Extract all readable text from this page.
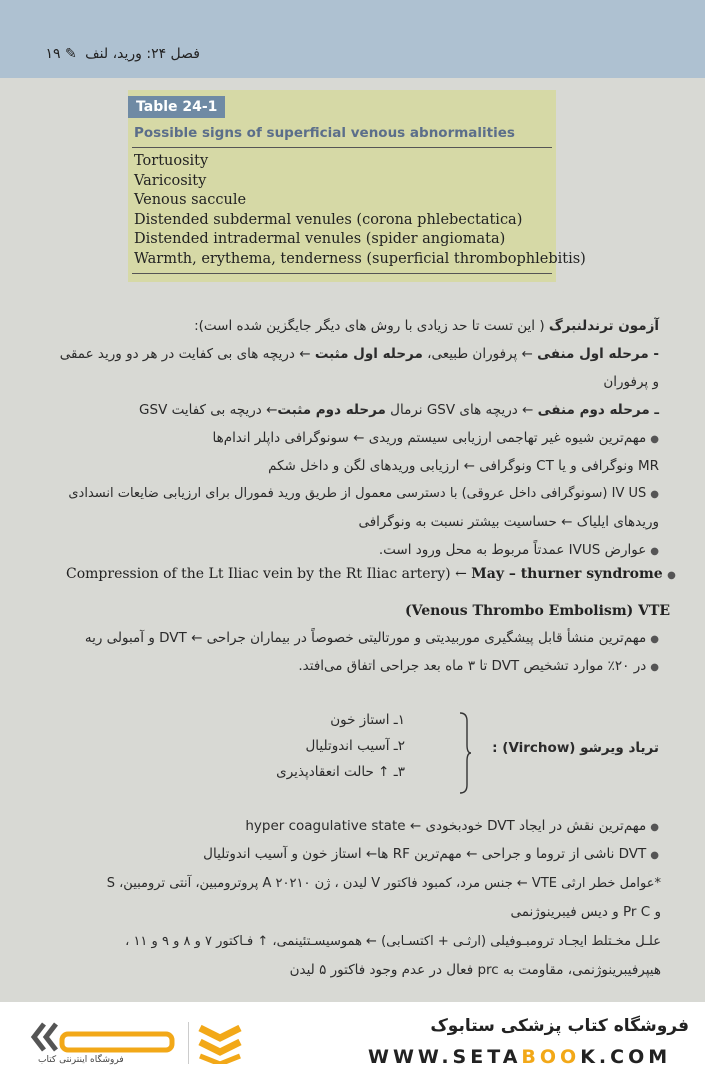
فصل ۲۴: ورید، لنف ✎ ۱۹
Table 24-1
Possible signs of superficial venous abnormalities
Tortuosity
Varicosity
Venous saccule
Distended subdermal venules (corona phlebectatica)
Distended intradermal venules (spider angiomata)
Warmth, erythema, tenderness (superficial thrombophlebitis)
آزمون ترندلنبرگ ( این تست تا حد زیادی با روش های دیگر جایگزین شده است):
- مرحله اول منفی ← پرفوران طبیعی، مرحله اول مثبت ← دریچه های بی کفایت در هر دو ورید عمقی
و پرفوران
ـ مرحله دوم منفی ← دریچه های GSV نرمال مرحله دوم مثبت← دریچه بی کفایت GSV
● مهم‌ترین شیوه غیر تهاجمی ارزیابی سیستم وریدی ← سونوگرافی داپلر اندام‌ها
MR ونوگرافی و یا CT ونوگرافی ← ارزیابی وریدهای لگن و داخل شکم
● IV US (سونوگرافی داخل عروقی) با دسترسی معمول از طریق ورید فمورال برای ارزیابی ضایعات انسدادی
وریدهای ایلیاک ← حساسیت بیشتر نسبت به ونوگرافی
● عوارض IVUS عمدتاً مربوط به محل ورود است.
Compression of the Lt Iliac vein by the Rt Iliac artery) ← May – thurner syndrome ●
(Venous Thrombo Embolism) VTE
● مهم‌ترین منشأ قابل پیشگیری موربیدیتی و مورتالیتی خصوصاً در بیماران جراحی ← DVT و آمبولی ریه
● در ۲۰٪ موارد تشخیص DVT تا ۳ ماه بعد جراحی اتفاق می‌افتد.
تریاد ویرشو (Virchow) :
۱ـ استاز خون
۲ـ آسیب اندوتلیال
۳ـ ↑ حالت انعقادپذیری
● مهم‌ترین نقش در ایجاد DVT خودبخودی ← hyper coagulative state
● DVT ناشی از تروما و جراحی ← مهم‌ترین RF ها← استاز خون و آسیب اندوتلیال
*عوامل خطر ارثی VTE ← جنس مرد، کمبود فاکتور V لیدن ، ژن A ۲۰۲۱۰ پروترومبین، آنتی ترومبین، S
و Pr C و دیس فیبرینوژنمی
علـل مخـتلط ایجـاد ترومبـوفیلی (ارثـی + اکتسـابی) ← هموسیسـتئینمی، ↑ فـاکتور ۷ و ۸ و ۹ و ۱۱ ،
هیپرفیبرینوژنمی، مقاومت به prc فعال در عدم وجود فاکتور ۵ لیدن
فروشگاه اینترنتی کتاب
فروشگاه کتاب پزشکی ستابوک
WWW.SETABOOK.COM
